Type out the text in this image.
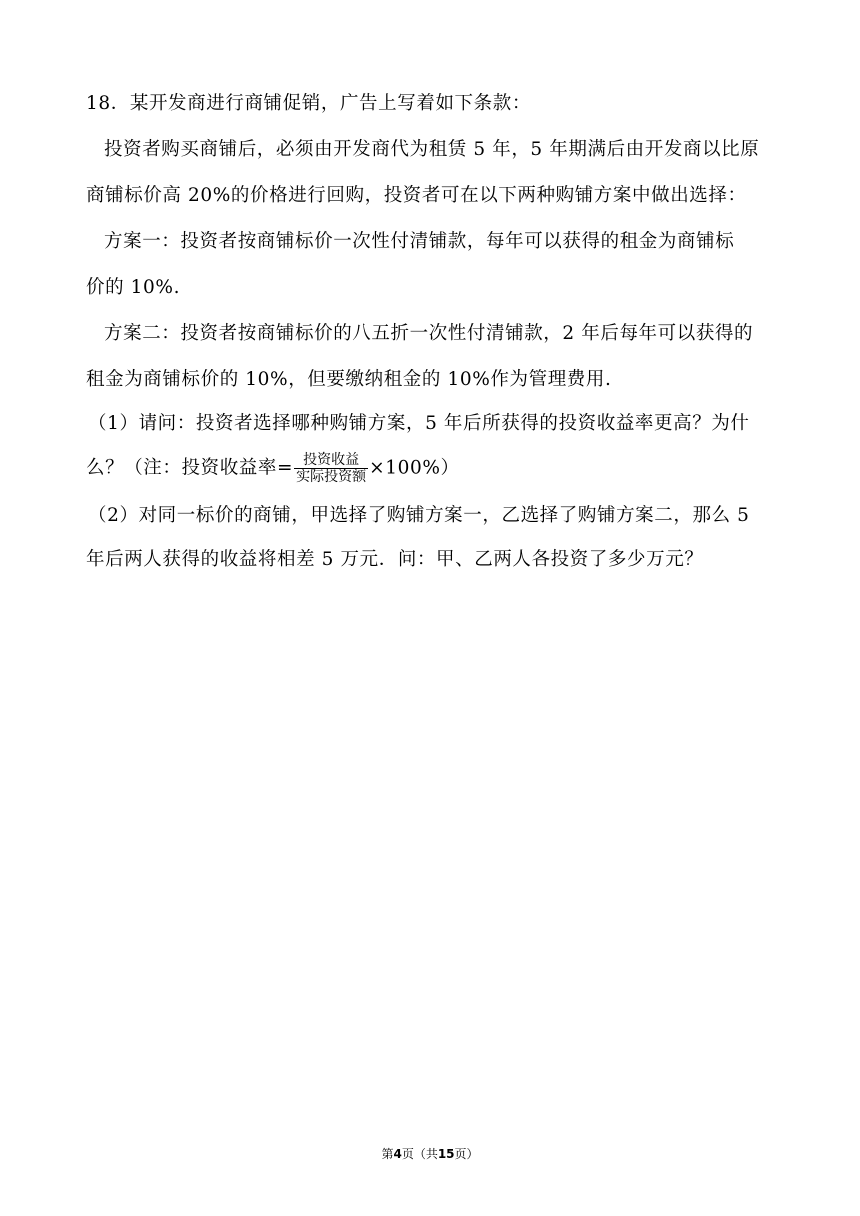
18．某开发商进行商铺促销，广告上写着如下条款：
投资者购买商铺后，必须由开发商代为租赁 5 年，5 年期满后由开发商以比原
商铺标价高 20%的价格进行回购，投资者可在以下两种购铺方案中做出选择：
方案一：投资者按商铺标价一次性付清铺款，每年可以获得的租金为商铺标
价的 10%.
方案二：投资者按商铺标价的八五折一次性付清铺款，2 年后每年可以获得的
租金为商铺标价的 10%，但要缴纳租金的 10%作为管理费用.
（1）请问：投资者选择哪种购铺方案，5 年后所获得的投资收益率更高？为什
么？（注：投资收益率= $\frac{\text{投资收益}}{\text{实际投资额}} \times 100\%$）
（2）对同一标价的商铺，甲选择了购铺方案一，乙选择了购铺方案二，那么 5
年后两人获得的收益将相差 5 万元．问：甲、乙两人各投资了多少万元？
第4页（共15页）
